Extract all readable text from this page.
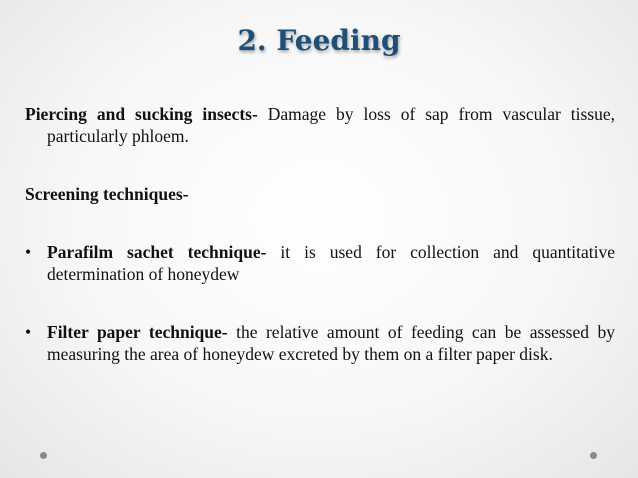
2. Feeding

Piercing and sucking insects- Damage by loss of sap from vascular tissue, particularly phloem.

Screening techniques-

• Parafilm sachet technique- it is used for collection and quantitative determination of honeydew

• Filter paper technique- the relative amount of feeding can be assessed by measuring the area of honeydew excreted by them on a filter paper disk.
